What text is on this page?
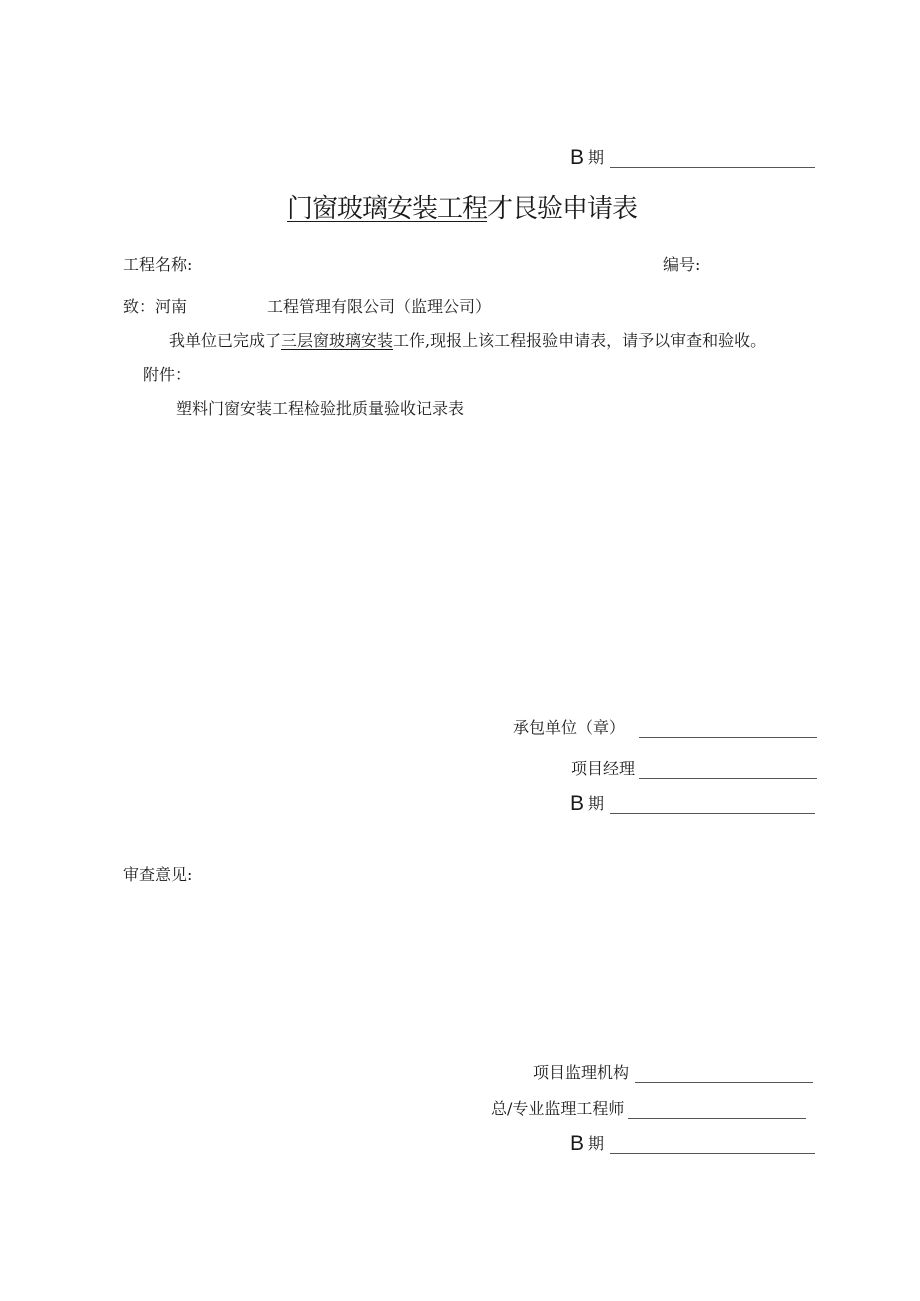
B 期
门窗玻璃安装工程才艮验申请表
工程名称:	编号:
致：河南	工程管理有限公司（监理公司）
我单位已完成了三层窗玻璃安装工作,现报上该工程报验申请表，请予以审查和验收。
附件：
塑料门窗安装工程检验批质量验收记录表
承包单位（章）
项目经理
B 期
审查意见:
项目监理机构
总/专业监理工程师
B 期
